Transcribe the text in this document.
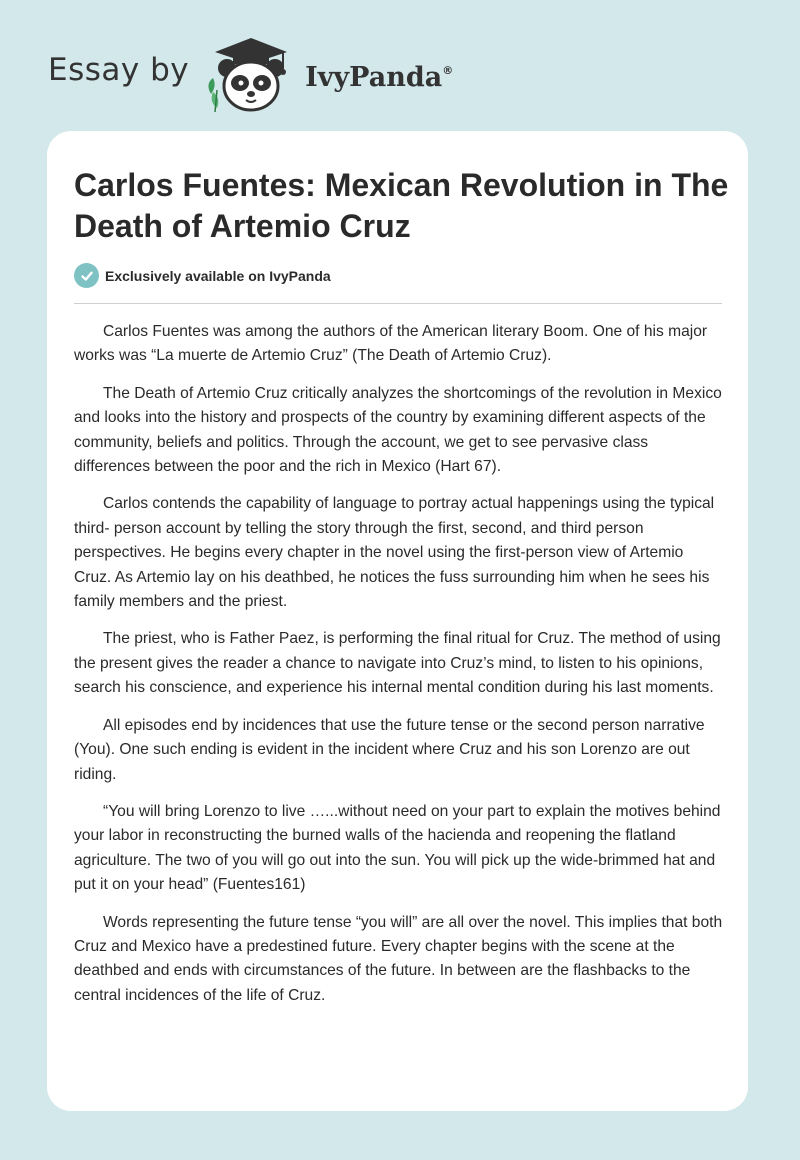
Essay by	IvyPanda®
Carlos Fuentes: Mexican Revolution in The Death of Artemio Cruz
Exclusively available on IvyPanda

Carlos Fuentes was among the authors of the American literary Boom. One of his major works was “La muerte de Artemio Cruz” (The Death of Artemio Cruz).

The Death of Artemio Cruz critically analyzes the shortcomings of the revolution in Mexico and looks into the history and prospects of the country by examining different aspects of the community, beliefs and politics. Through the account, we get to see pervasive class differences between the poor and the rich in Mexico (Hart 67).

Carlos contends the capability of language to portray actual happenings using the typical third- person account by telling the story through the first, second, and third person perspectives. He begins every chapter in the novel using the first-person view of Artemio Cruz. As Artemio lay on his deathbed, he notices the fuss surrounding him when he sees his family members and the priest.

The priest, who is Father Paez, is performing the final ritual for Cruz. The method of using the present gives the reader a chance to navigate into Cruz’s mind, to listen to his opinions, search his conscience, and experience his internal mental condition during his last moments.

All episodes end by incidences that use the future tense or the second person narrative (You). One such ending is evident in the incident where Cruz and his son Lorenzo are out riding.

“You will bring Lorenzo to live …...without need on your part to explain the motives behind your labor in reconstructing the burned walls of the hacienda and reopening the flatland agriculture. The two of you will go out into the sun. You will pick up the wide-brimmed hat and put it on your head” (Fuentes161)

Words representing the future tense “you will” are all over the novel. This implies that both Cruz and Mexico have a predestined future. Every chapter begins with the scene at the deathbed and ends with circumstances of the future. In between are the flashbacks to the central incidences of the life of Cruz.
